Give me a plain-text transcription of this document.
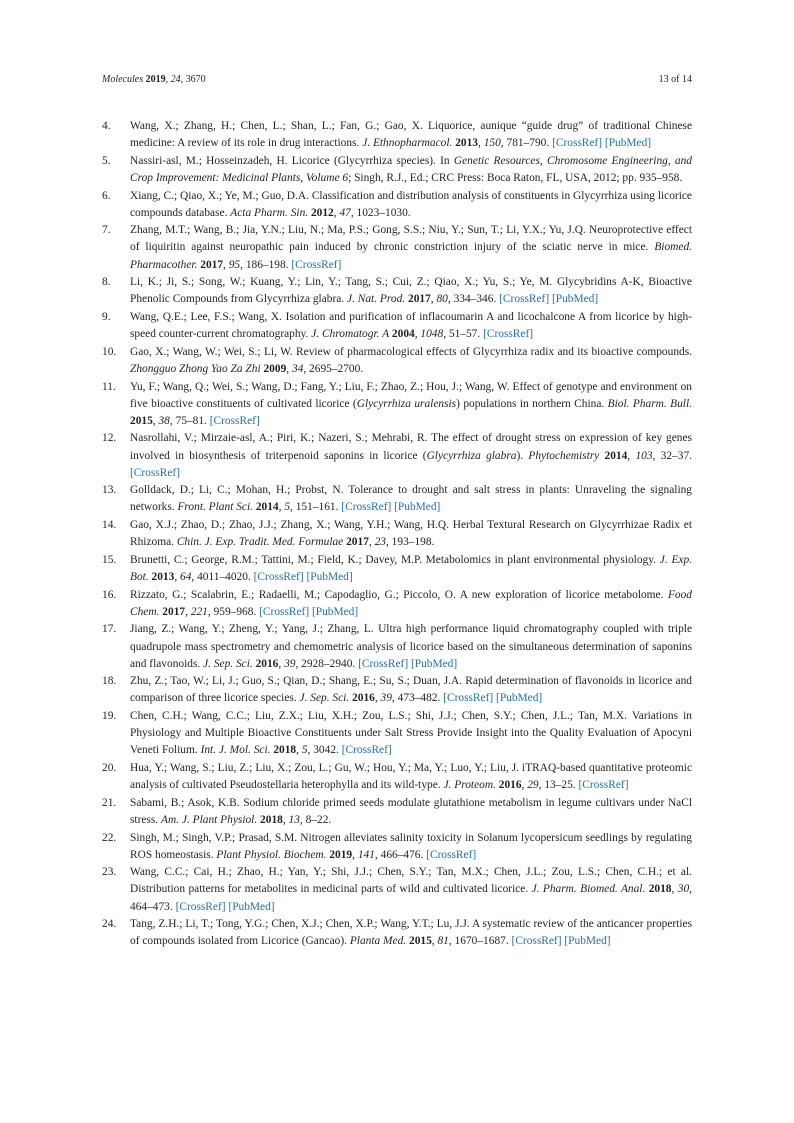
Molecules 2019, 24, 3670	13 of 14
4. Wang, X.; Zhang, H.; Chen, L.; Shan, L.; Fan, G.; Gao, X. Liquorice, aunique “guide drug” of traditional Chinese medicine: A review of its role in drug interactions. J. Ethnopharmacol. 2013, 150, 781–790. [CrossRef] [PubMed]
5. Nassiri-asl, M.; Hosseinzadeh, H. Licorice (Glycyrrhiza species). In Genetic Resources, Chromosome Engineering, and Crop Improvement: Medicinal Plants, Volume 6; Singh, R.J., Ed.; CRC Press: Boca Raton, FL, USA, 2012; pp. 935–958.
6. Xiang, C.; Qiao, X.; Ye, M.; Guo, D.A. Classification and distribution analysis of constituents in Glycyrrhiza using licorice compounds database. Acta Pharm. Sin. 2012, 47, 1023–1030.
7. Zhang, M.T.; Wang, B.; Jia, Y.N.; Liu, N.; Ma, P.S.; Gong, S.S.; Niu, Y.; Sun, T.; Li, Y.X.; Yu, J.Q. Neuroprotective effect of liquiritin against neuropathic pain induced by chronic constriction injury of the sciatic nerve in mice. Biomed. Pharmacother. 2017, 95, 186–198. [CrossRef]
8. Li, K.; Ji, S.; Song, W.; Kuang, Y.; Lin, Y.; Tang, S.; Cui, Z.; Qiao, X.; Yu, S.; Ye, M. Glycybridins A-K, Bioactive Phenolic Compounds from Glycyrrhiza glabra. J. Nat. Prod. 2017, 80, 334–346. [CrossRef] [PubMed]
9. Wang, Q.E.; Lee, F.S.; Wang, X. Isolation and purification of inflacoumarin A and licochalcone A from licorice by high-speed counter-current chromatography. J. Chromatogr. A 2004, 1048, 51–57. [CrossRef]
10. Gao, X.; Wang, W.; Wei, S.; Li, W. Review of pharmacological effects of Glycyrrhiza radix and its bioactive compounds. Zhongguo Zhong Yao Za Zhi 2009, 34, 2695–2700.
11. Yu, F.; Wang, Q.; Wei, S.; Wang, D.; Fang, Y.; Liu, F.; Zhao, Z.; Hou, J.; Wang, W. Effect of genotype and environment on five bioactive constituents of cultivated licorice (Glycyrrhiza uralensis) populations in northern China. Biol. Pharm. Bull. 2015, 38, 75–81. [CrossRef]
12. Nasrollahi, V.; Mirzaie-asl, A.; Piri, K.; Nazeri, S.; Mehrabi, R. The effect of drought stress on expression of key genes involved in biosynthesis of triterpenoid saponins in licorice (Glycyrrhiza glabra). Phytochemistry 2014, 103, 32–37. [CrossRef]
13. Golldack, D.; Li, C.; Mohan, H.; Probst, N. Tolerance to drought and salt stress in plants: Unraveling the signaling networks. Front. Plant Sci. 2014, 5, 151–161. [CrossRef] [PubMed]
14. Gao, X.J.; Zhao, D.; Zhao, J.J.; Zhang, X.; Wang, Y.H.; Wang, H.Q. Herbal Textural Research on Glycyrrhizae Radix et Rhizoma. Chin. J. Exp. Tradit. Med. Formulae 2017, 23, 193–198.
15. Brunetti, C.; George, R.M.; Tattini, M.; Field, K.; Davey, M.P. Metabolomics in plant environmental physiology. J. Exp. Bot. 2013, 64, 4011–4020. [CrossRef] [PubMed]
16. Rizzato, G.; Scalabrin, E.; Radaelli, M.; Capodaglio, G.; Piccolo, O. A new exploration of licorice metabolome. Food Chem. 2017, 221, 959–968. [CrossRef] [PubMed]
17. Jiang, Z.; Wang, Y.; Zheng, Y.; Yang, J.; Zhang, L. Ultra high performance liquid chromatography coupled with triple quadrupole mass spectrometry and chemometric analysis of licorice based on the simultaneous determination of saponins and flavonoids. J. Sep. Sci. 2016, 39, 2928–2940. [CrossRef] [PubMed]
18. Zhu, Z.; Tao, W.; Li, J.; Guo, S.; Qian, D.; Shang, E.; Su, S.; Duan, J.A. Rapid determination of flavonoids in licorice and comparison of three licorice species. J. Sep. Sci. 2016, 39, 473–482. [CrossRef] [PubMed]
19. Chen, C.H.; Wang, C.C.; Liu, Z.X.; Liu, X.H.; Zou, L.S.; Shi, J.J.; Chen, S.Y.; Chen, J.L.; Tan, M.X. Variations in Physiology and Multiple Bioactive Constituents under Salt Stress Provide Insight into the Quality Evaluation of Apocyni Veneti Folium. Int. J. Mol. Sci. 2018, 5, 3042. [CrossRef]
20. Hua, Y.; Wang, S.; Liu, Z.; Liu, X.; Zou, L.; Gu, W.; Hou, Y.; Ma, Y.; Luo, Y.; Liu, J. iTRAQ-based quantitative proteomic analysis of cultivated Pseudostellaria heterophylla and its wild-type. J. Proteom. 2016, 29, 13–25. [CrossRef]
21. Sabami, B.; Asok, K.B. Sodium chloride primed seeds modulate glutathione metabolism in legume cultivars under NaCl stress. Am. J. Plant Physiol. 2018, 13, 8–22.
22. Singh, M.; Singh, V.P.; Prasad, S.M. Nitrogen alleviates salinity toxicity in Solanum lycopersicum seedlings by regulating ROS homeostasis. Plant Physiol. Biochem. 2019, 141, 466–476. [CrossRef]
23. Wang, C.C.; Cai, H.; Zhao, H.; Yan, Y.; Shi, J.J.; Chen, S.Y.; Tan, M.X.; Chen, J.L.; Zou, L.S.; Chen, C.H.; et al. Distribution patterns for metabolites in medicinal parts of wild and cultivated licorice. J. Pharm. Biomed. Anal. 2018, 30, 464–473. [CrossRef] [PubMed]
24. Tang, Z.H.; Li, T.; Tong, Y.G.; Chen, X.J.; Chen, X.P.; Wang, Y.T.; Lu, J.J. A systematic review of the anticancer properties of compounds isolated from Licorice (Gancao). Planta Med. 2015, 81, 1670–1687. [CrossRef] [PubMed]
